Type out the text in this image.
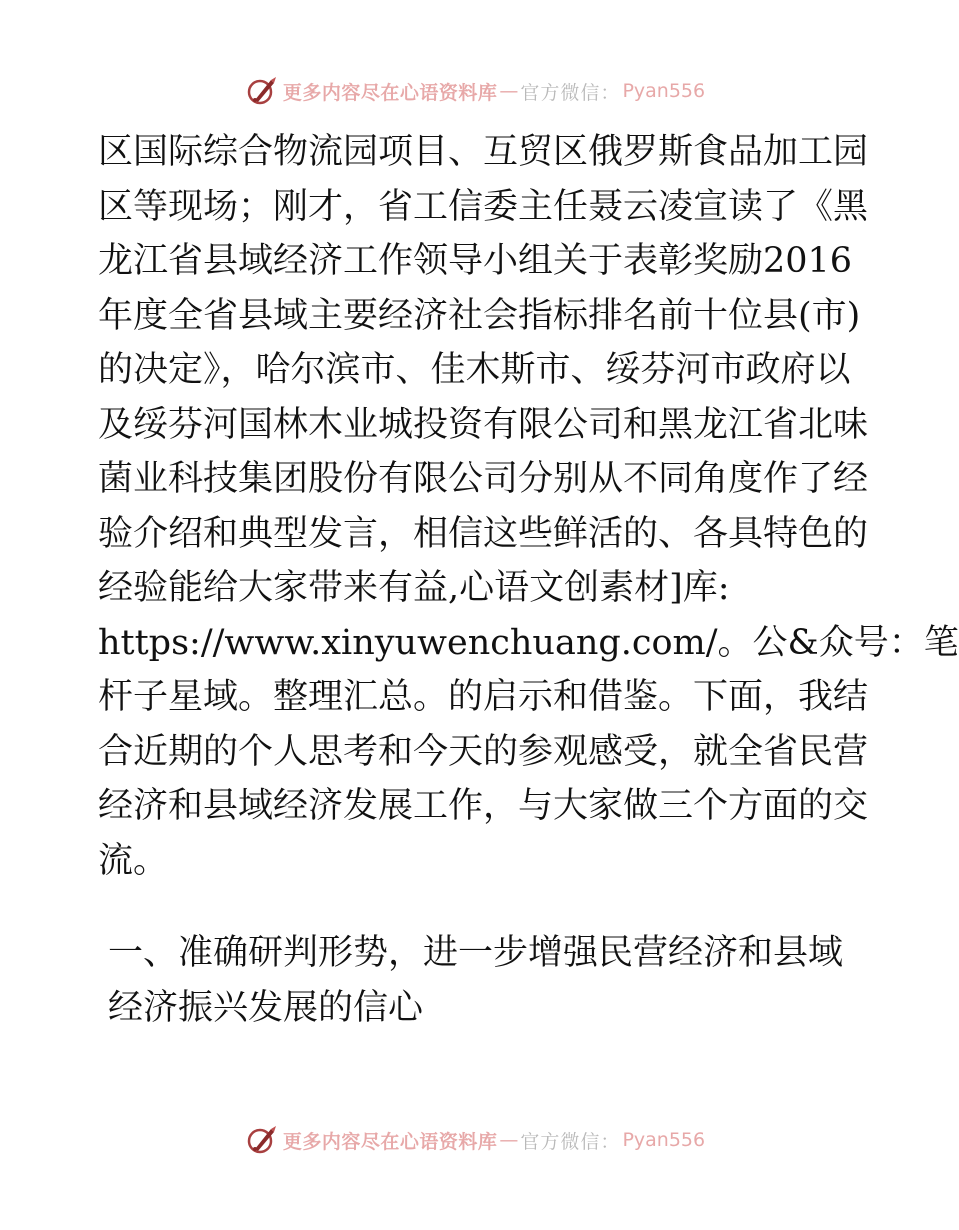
更多内容尽在心语资料库 — 官方微信： Pyan556
区国际综合物流园项目、互贸区俄罗斯食品加工园
区等现场；刚才，省工信委主任聂云凌宣读了《黑
龙江省县域经济工作领导小组关于表彰奖励2016
年度全省县域主要经济社会指标排名前十位县(市)
的决定》，哈尔滨市、佳木斯市、绥芬河市政府以
及绥芬河国林木业城投资有限公司和黑龙江省北味
菌业科技集团股份有限公司分别从不同角度作了经
验介绍和典型发言，相信这些鲜活的、各具特色的
经验能给大家带来有益,心语文创素材]库:
https://www.xinyuwenchuang.com/。公&众号：笔
杆子星域。整理汇总。的启示和借鉴。下面，我结
合近期的个人思考和今天的参观感受，就全省民营
经济和县域经济发展工作，与大家做三个方面的交
流。
一、准确研判形势，进一步增强民营经济和县域
经济振兴发展的信心
更多内容尽在心语资料库 — 官方微信： Pyan556
